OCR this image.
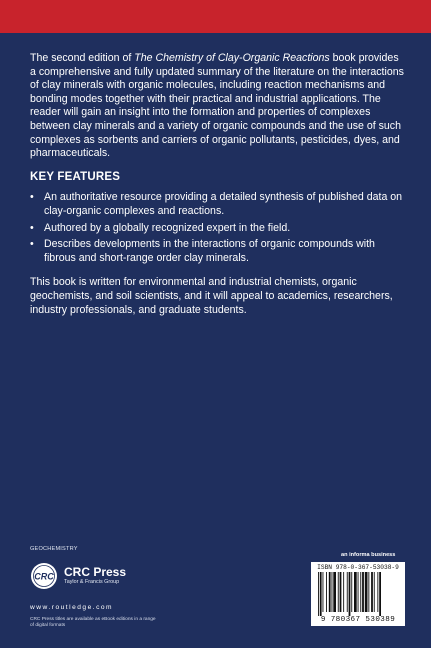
The second edition of The Chemistry of Clay-Organic Reactions book provides a comprehensive and fully updated summary of the literature on the interactions of clay minerals with organic molecules, including reaction mechanisms and bonding modes together with their practical and industrial applications. The reader will gain an insight into the formation and properties of complexes between clay minerals and a variety of organic compounds and the use of such complexes as sorbents and carriers of organic pollutants, pesticides, dyes, and pharmaceuticals.

KEY FEATURES
• An authoritative resource providing a detailed synthesis of published data on clay-organic complexes and reactions.
• Authored by a globally recognized expert in the field.
• Describes developments in the interactions of organic compounds with fibrous and short-range order clay minerals.

This book is written for environmental and industrial chemists, organic geochemists, and soil scientists, and it will appeal to academics, researchers, industry professionals, and graduate students.

GEOCHEMISTRY
CRC CRC Press
Taylor & Francis Group
www.routledge.com
CRC Press titles are available as eBook editions in a range of digital formats
an informa business
ISBN 978-0-367-53038-9
9 780367 530389
